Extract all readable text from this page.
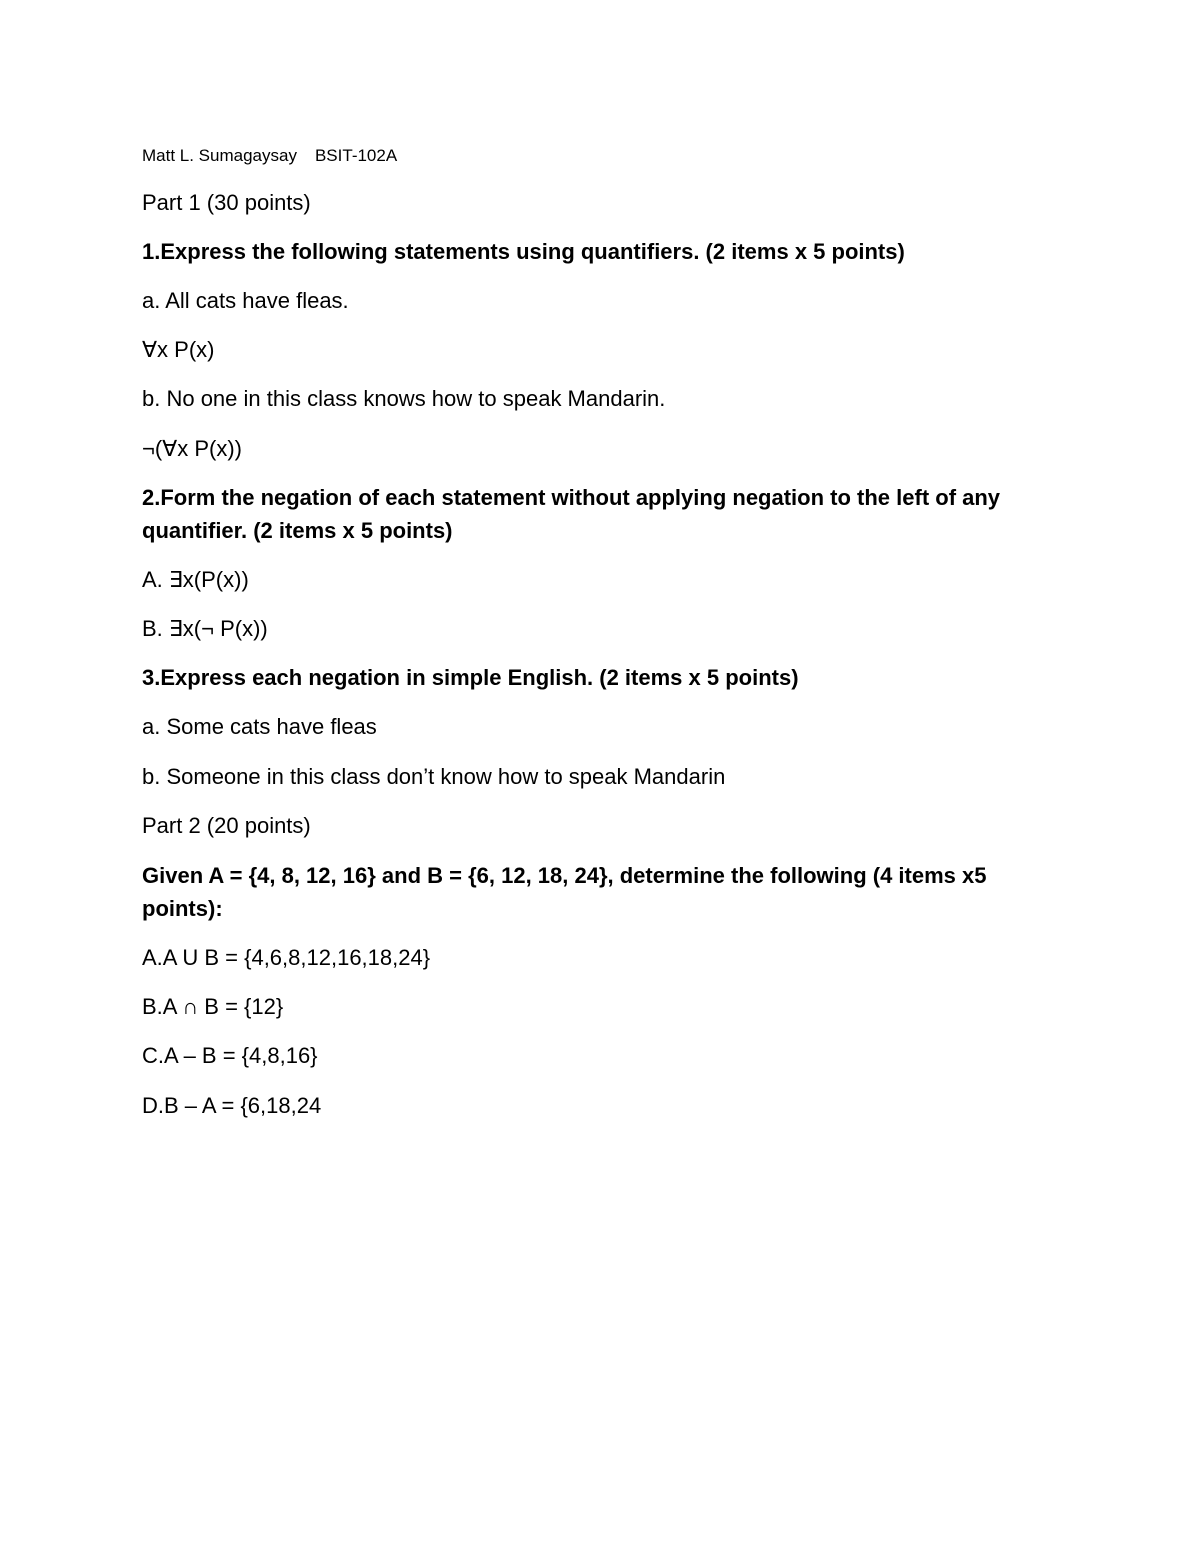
Matt L. Sumagaysay BSIT-102A
Part 1 (30 points)
1.Express the following statements using quantifiers. (2 items x 5 points)
a. All cats have fleas.
∀x P(x)
b. No one in this class knows how to speak Mandarin.
¬(∀x P(x))
2.Form the negation of each statement without applying negation to the left of any
quantifier. (2 items x 5 points)
A. ∃x(P(x))
B. ∃x(¬ P(x))
3.Express each negation in simple English. (2 items x 5 points)
a. Some cats have fleas
b. Someone in this class don’t know how to speak Mandarin
Part 2 (20 points)
Given A = {4, 8, 12, 16} and B = {6, 12, 18, 24}, determine the following (4 items x5
points):
A.A U B = {4,6,8,12,16,18,24}
B.A ∩ B = {12}
C.A – B = {4,8,16}
D.B – A = {6,18,24
